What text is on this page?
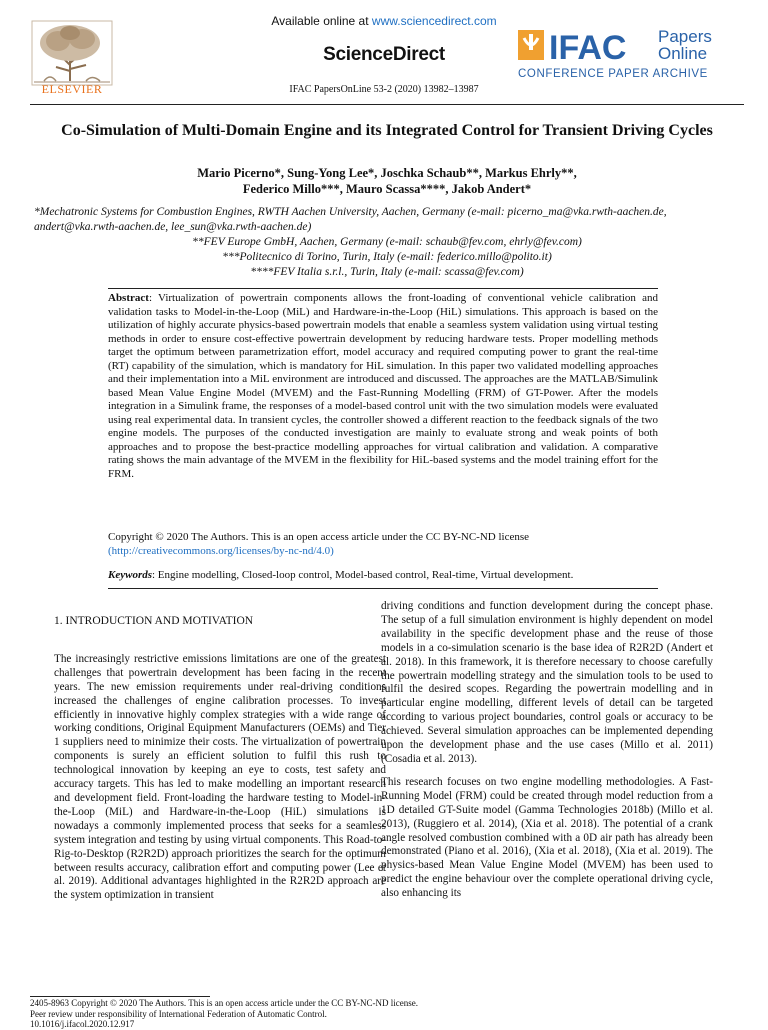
ELSEVIER
Available online at www.sciencedirect.com
ScienceDirect
IFAC PapersOnLine 53-2 (2020) 13982–13987
IFAC Papers
Online
CONFERENCE PAPER ARCHIVE
Co-Simulation of Multi-Domain Engine and its Integrated Control for Transient Driving Cycles
Mario Picerno*, Sung-Yong Lee*, Joschka Schaub**, Markus Ehrly**,
Federico Millo***, Mauro Scassa****, Jakob Andert*
*Mechatronic Systems for Combustion Engines, RWTH Aachen University, Aachen, Germany (e-mail: picerno_ma@vka.rwth-aachen.de, andert@vka.rwth-aachen.de, lee_sun@vka.rwth-aachen.de)
**FEV Europe GmbH, Aachen, Germany (e-mail: schaub@fev.com, ehrly@fev.com)
***Politecnico di Torino, Turin, Italy (e-mail: federico.millo@polito.it)
****FEV Italia s.r.l., Turin, Italy (e-mail: scassa@fev.com)
Abstract: Virtualization of powertrain components allows the front-loading of conventional vehicle calibration and validation tasks to Model-in-the-Loop (MiL) and Hardware-in-the-Loop (HiL) simulations. This approach is based on the utilization of highly accurate physics-based powertrain models that enable a seamless system validation using virtual testing methods in order to ensure cost-effective powertrain development by reducing hardware tests. Proper modelling methods target the optimum between parametrization effort, model accuracy and required computing power to grant the real-time (RT) capability of the simulation, which is mandatory for HiL simulation. In this paper two validated modelling approaches and their implementation into a MiL environment are introduced and discussed. The approaches are the MATLAB/Simulink based Mean Value Engine Model (MVEM) and the Fast-Running Modelling (FRM) of GT-Power. After the models integration in a Simulink frame, the responses of a model-based control unit with the two simulation models were evaluated using real experimental data. In transient cycles, the controller showed a different reaction to the feedback signals of the two engine models. The purposes of the conducted investigation are mainly to evaluate strong and weak points of both approaches and to propose the best-practice modelling approaches for virtual calibration and validation. A comparative rating shows the main advantage of the MVEM in the flexibility for HiL-based systems and the model training effort for the FRM.
Copyright © 2020 The Authors. This is an open access article under the CC BY-NC-ND license
(http://creativecommons.org/licenses/by-nc-nd/4.0)
Keywords: Engine modelling, Closed-loop control, Model-based control, Real-time, Virtual development.
1. INTRODUCTION AND MOTIVATION

The increasingly restrictive emissions limitations are one of the greatest challenges that powertrain development has been facing in the recent years. The new emission requirements under real-driving conditions increased the challenges of engine calibration processes. To invest efficiently in innovative highly complex strategies with a wide range of working conditions, Original Equipment Manufacturers (OEMs) and Tier 1 suppliers need to minimize their costs. The virtualization of powertrain components is surely an efficient solution to fulfil this rush to technological innovation by keeping an eye to costs, test safety and accuracy targets. This has led to make modelling an important research and development field. Front-loading the hardware testing to Model-in-the-Loop (MiL) and Hardware-in-the-Loop (HiL) simulations is nowadays a commonly implemented process that seeks for a seamless system integration and testing by using virtual components. This Road-to-Rig-to-Desktop (R2R2D) approach prioritizes the search for the optimum between results accuracy, calibration effort and computing power (Lee et al. 2019). Additional advantages highlighted in the R2R2D approach are the system optimization in transient

driving conditions and function development during the concept phase. The setup of a full simulation environment is highly dependent on model availability in the specific development phase and the reuse of those models in a co-simulation scenario is the base idea of R2R2D (Andert et al. 2018). In this framework, it is therefore necessary to choose carefully the powertrain modelling strategy and the simulation tools to be used to fulfil the desired scopes. Regarding the powertrain modelling and in particular engine modelling, different levels of detail can be targeted according to various project boundaries, control goals or accuracy to be achieved. Several simulation approaches can be implemented depending upon the development phase and the use cases (Millo et al. 2011) (Cosadia et al. 2013).

This research focuses on two engine modelling methodologies. A Fast-Running Model (FRM) could be created through model reduction from a 1D detailed GT-Suite model (Gamma Technologies 2018b) (Millo et al. 2013), (Ruggiero et al. 2014), (Xia et al. 2018). The potential of a crank angle resolved combustion combined with a 0D air path has already been demonstrated (Piano et al. 2016), (Xia et al. 2018), (Xia et al. 2019). The physics-based Mean Value Engine Model (MVEM) has been used to predict the engine behaviour over the complete operational driving cycle, also enhancing its

2405-8963 Copyright © 2020 The Authors. This is an open access article under the CC BY-NC-ND license.
Peer review under responsibility of International Federation of Automatic Control.
10.1016/j.ifacol.2020.12.917
